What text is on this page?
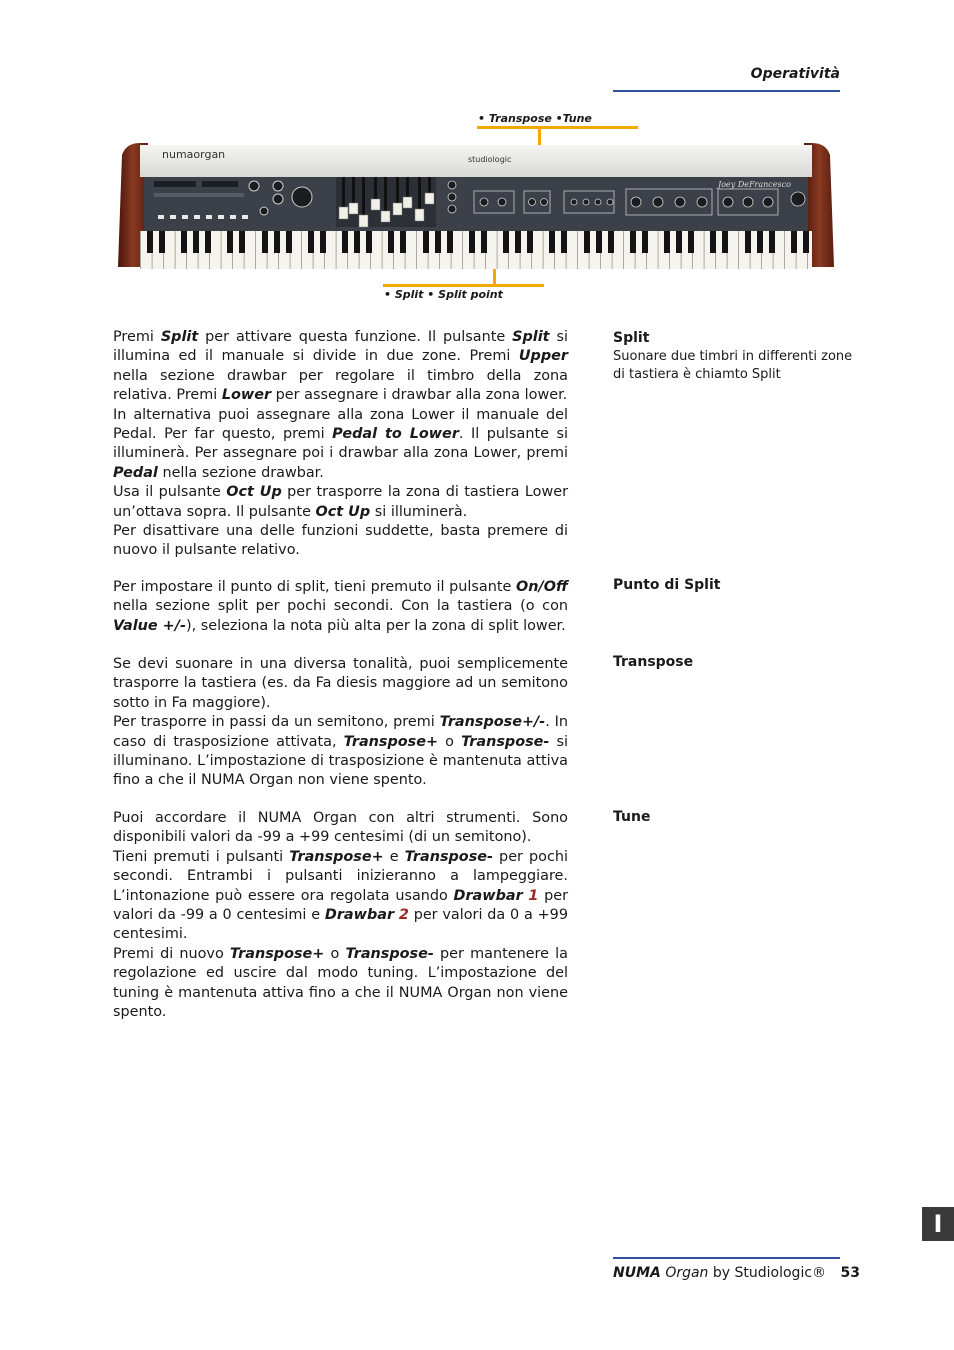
Operatività
• Transpose •Tune
• Split • Split point
numaorgan	studiologic
Joey DeFrancesco

Premi Split per attivare questa funzione. Il pulsante Split si illumina ed il manuale si divide in due zone. Premi Upper nella sezione drawbar per regolare il timbro della zona relativa. Premi Lower per assegnare i drawbar alla zona lower.

In alternativa puoi assegnare alla zona Lower il manuale del Pedal. Per far questo, premi Pedal to Lower. Il pulsante si illuminerà. Per assegnare poi i drawbar alla zona Lower, premi Pedal nella sezione drawbar.

Usa il pulsante Oct Up per trasporre la zona di tastiera Lower un’ottava sopra. Il pulsante Oct Up si illuminerà.

Per disattivare una delle funzioni suddette, basta premere di nuovo il pulsante relativo.

Per impostare il punto di split, tieni premuto il pulsante On/Off nella sezione split per pochi secondi. Con la tastiera (o con Value +/-), seleziona la nota più alta per la zona di split lower.

Se devi suonare in una diversa tonalità, puoi semplicemente trasporre la tastiera (es. da Fa diesis maggiore ad un semitono sotto in Fa maggiore).

Per trasporre in passi da un semitono, premi Transpose+/-. In caso di trasposizione attivata, Transpose+ o Transpose- si illuminano. L’impostazione di trasposizione è mantenuta attiva fino a che il NUMA Organ non viene spento.

Puoi accordare il NUMA Organ con altri strumenti. Sono disponibili valori da -99 a +99 centesimi (di un semitono).

Tieni premuti i pulsanti Transpose+ e Transpose- per pochi secondi. Entrambi i pulsanti inizieranno a lampeggiare. L’intonazione può essere ora regolata usando Drawbar 1 per valori da -99 a 0 centesimi e Drawbar 2 per valori da 0 a +99 centesimi.

Premi di nuovo Transpose+ o Transpose- per mantenere la regolazione ed uscire dal modo tuning. L’impostazione del tuning è mantenuta attiva fino a che il NUMA Organ non viene spento.

Split
Suonare due timbri in differenti zone di tastiera è chiamto Split
Punto di Split
Transpose
Tune
NUMA Organ by Studiologic® 53
I
